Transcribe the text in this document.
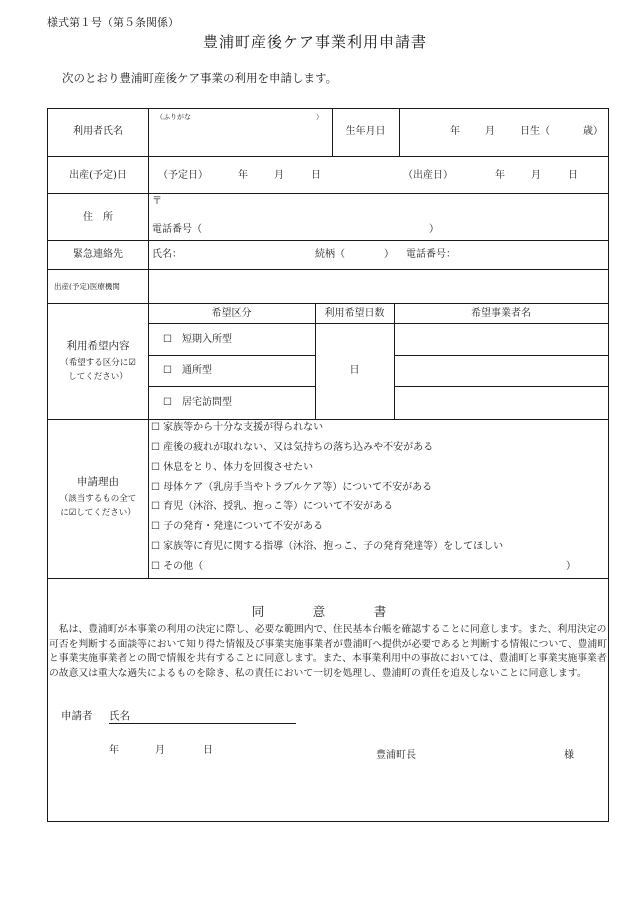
様式第１号（第５条関係）
豊浦町産後ケア事業利用申請書
次のとおり豊浦町産後ケア事業の利用を申請します。
利用者氏名
（ふりがな	）
生年月日	年	月	日生（	歳）
出産(予定)日	（予定日）	年	月	日	（出産日）	年	月	日
住　所
〒
電話番号（	）
緊急連絡先	氏名：	続柄（	） 電話番号：
出産(予定)医療機関
利用希望内容
（希望する区分に☑
してください）
希望区分	利用希望日数	希望事業者名
☐　短期入所型
☐　通所型
☐　居宅訪問型
日
申請理由
（該当するもの全て
に☑してください）
☐ 家族等から十分な支援が得られない
☐ 産後の疲れが取れない、又は気持ちの落ち込みや不安がある
☐ 休息をとり、体力を回復させたい
☐ 母体ケア（乳房手当やトラブルケア等）について不安がある
☐ 育児（沐浴、授乳、抱っこ等）について不安がある
☐ 子の発育・発達について不安がある
☐ 家族等に育児に関する指導（沐浴、抱っこ、子の発育発達等）をしてほしい
☐ その他（	）
同　意　書
　私は、豊浦町が本事業の利用の決定に際し、必要な範囲内で、住民基本台帳を確認することに同意します。また、利用決定の可否を判断する面談等において知り得た情報及び事業実施事業者が豊浦町へ提供が必要であると判断する情報について、豊浦町と事業実施事業者との間で情報を共有することに同意します。また、本事業利用中の事故においては、豊浦町と事業実施事業者の故意又は重大な過失によるものを除き、私の責任において一切を処理し、豊浦町の責任を追及しないことに同意します。
申請者 氏名
年	月	日	豊浦町長	様
